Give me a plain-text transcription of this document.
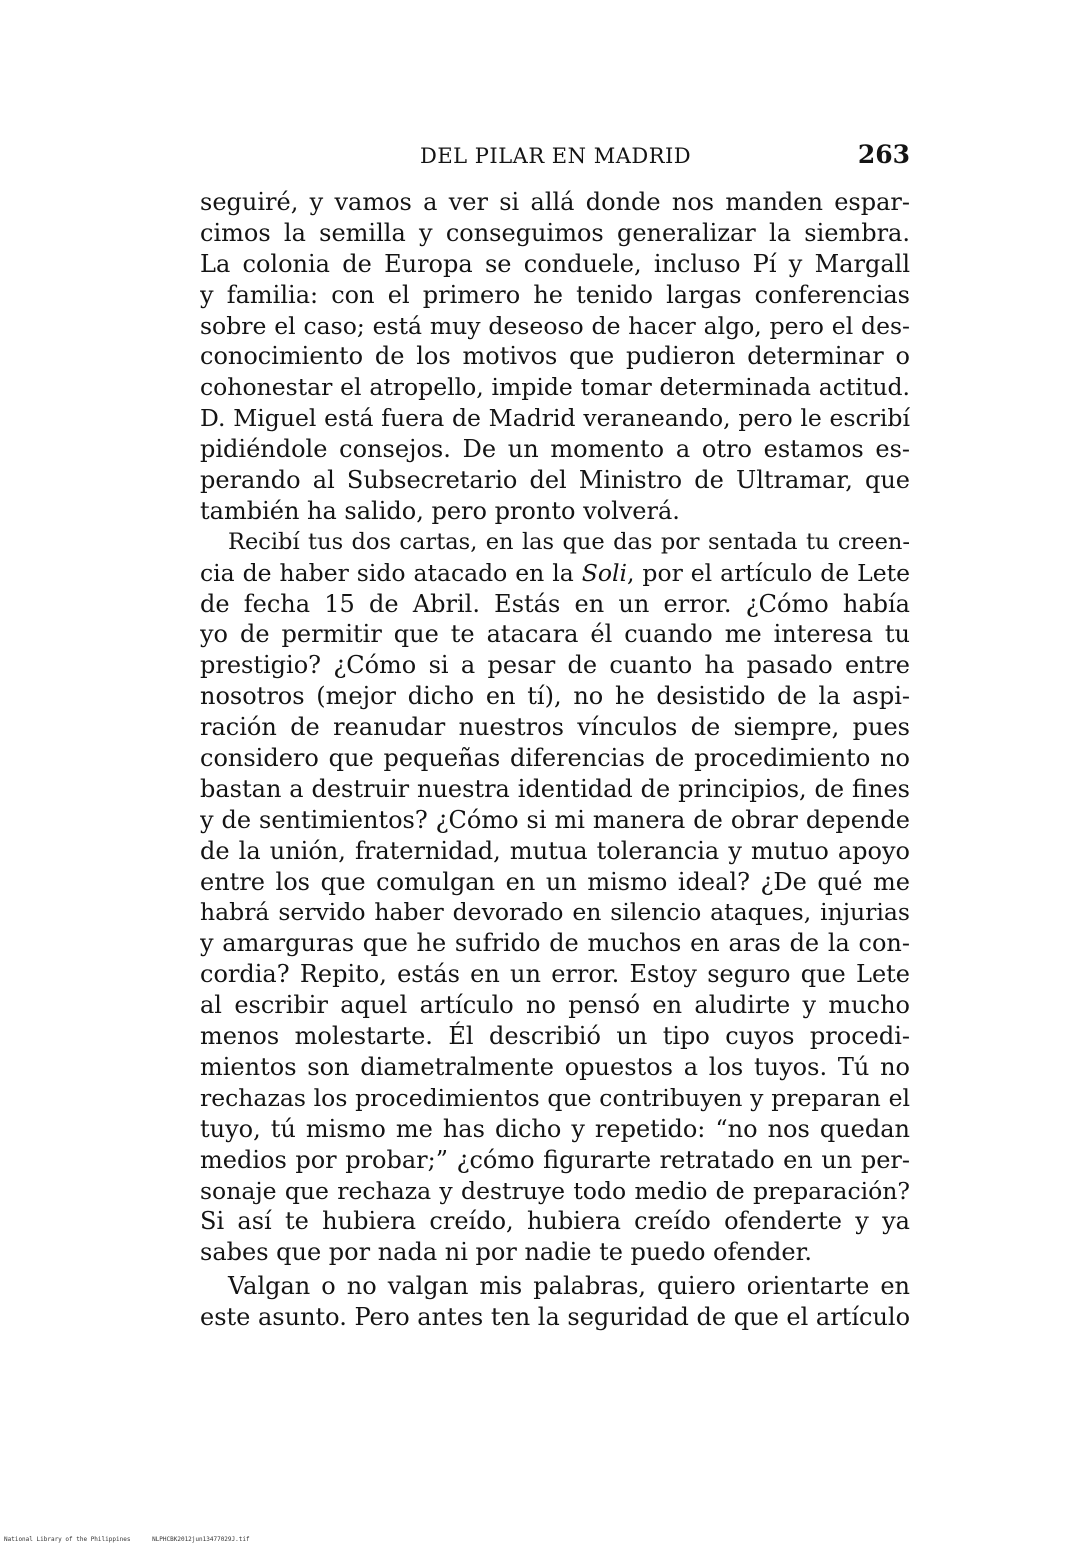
DEL PILAR EN MADRID	263
seguiré, y vamos a ver si allá donde nos manden espar-
cimos la semilla y conseguimos generalizar la siembra.
La colonia de Europa se conduele, incluso Pí y Margall
y familia: con el primero he tenido largas conferencias
sobre el caso; está muy deseoso de hacer algo, pero el des-
conocimiento de los motivos que pudieron determinar o
cohonestar el atropello, impide tomar determinada actitud.
D. Miguel está fuera de Madrid veraneando, pero le escribí
pidiéndole consejos. De un momento a otro estamos es-
perando al Subsecretario del Ministro de Ultramar, que
también ha salido, pero pronto volverá.
Recibí tus dos cartas, en las que das por sentada tu creen-
cia de haber sido atacado en la Soli, por el artículo de Lete
de fecha 15 de Abril. Estás en un error. ¿Cómo había
yo de permitir que te atacara él cuando me interesa tu
prestigio? ¿Cómo si a pesar de cuanto ha pasado entre
nosotros (mejor dicho en tí), no he desistido de la aspi-
ración de reanudar nuestros vínculos de siempre, pues
considero que pequeñas diferencias de procedimiento no
bastan a destruir nuestra identidad de principios, de fines
y de sentimientos? ¿Cómo si mi manera de obrar depende
de la unión, fraternidad, mutua tolerancia y mutuo apoyo
entre los que comulgan en un mismo ideal? ¿De qué me
habrá servido haber devorado en silencio ataques, injurias
y amarguras que he sufrido de muchos en aras de la con-
cordia? Repito, estás en un error. Estoy seguro que Lete
al escribir aquel artículo no pensó en aludirte y mucho
menos molestarte. Él describió un tipo cuyos procedi-
mientos son diametralmente opuestos a los tuyos. Tú no
rechazas los procedimientos que contribuyen y preparan el
tuyo, tú mismo me has dicho y repetido: “no nos quedan
medios por probar;” ¿cómo figurarte retratado en un per-
sonaje que rechaza y destruye todo medio de preparación?
Si así te hubiera creído, hubiera creído ofenderte y ya
sabes que por nada ni por nadie te puedo ofender.
Valgan o no valgan mis palabras, quiero orientarte en
este asunto. Pero antes ten la seguridad de que el artículo
National Library of the Philippines	NLPHCBK2012jun13477029J.tif
